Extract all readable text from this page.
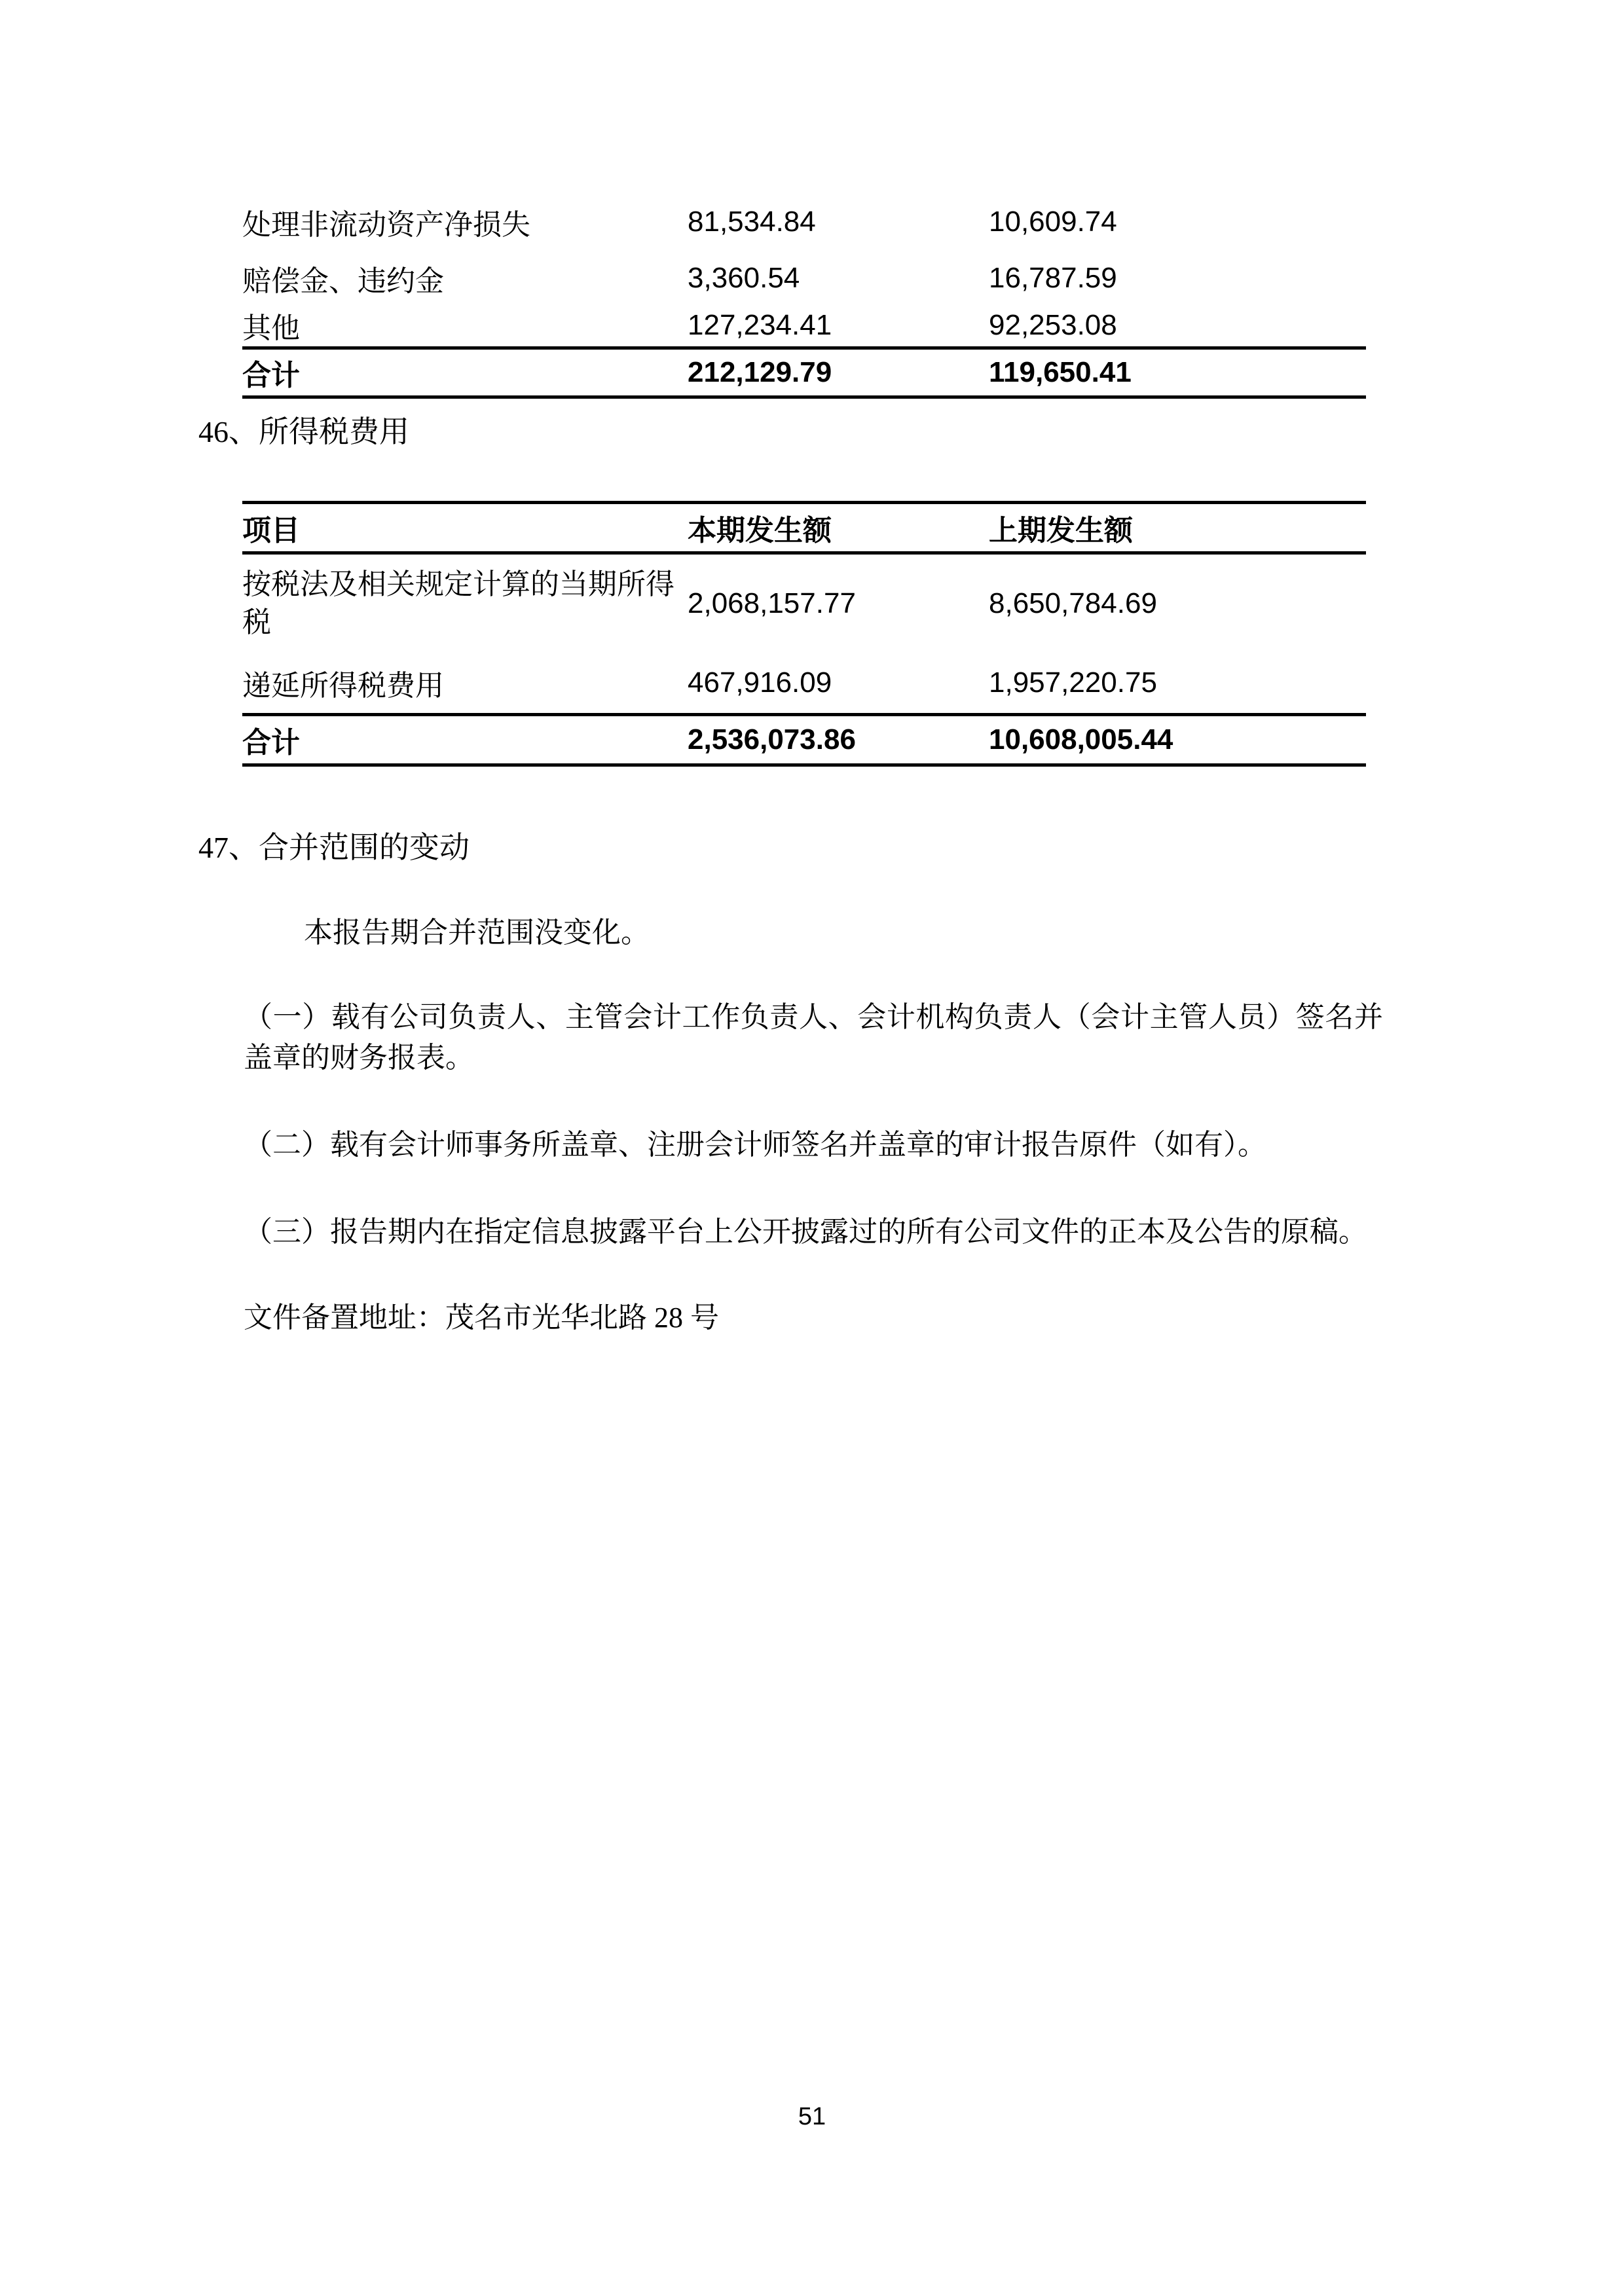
处理非流动资产净损失	81,534.84	10,609.74
赔偿金、违约金	3,360.54	16,787.59
其他	127,234.41	92,253.08
合计	212,129.79	119,650.41
46、所得税费用
项目	本期发生额	上期发生额
按税法及相关规定计算的当期所得税	2,068,157.77	8,650,784.69
递延所得税费用	467,916.09	1,957,220.75
合计	2,536,073.86	10,608,005.44
47、合并范围的变动
本报告期合并范围没变化。
（一）载有公司负责人、主管会计工作负责人、会计机构负责人（会计主管人员）签名并盖章的财务报表。
（二）载有会计师事务所盖章、注册会计师签名并盖章的审计报告原件（如有）。
（三）报告期内在指定信息披露平台上公开披露过的所有公司文件的正本及公告的原稿。
文件备置地址：茂名市光华北路 28 号
51
